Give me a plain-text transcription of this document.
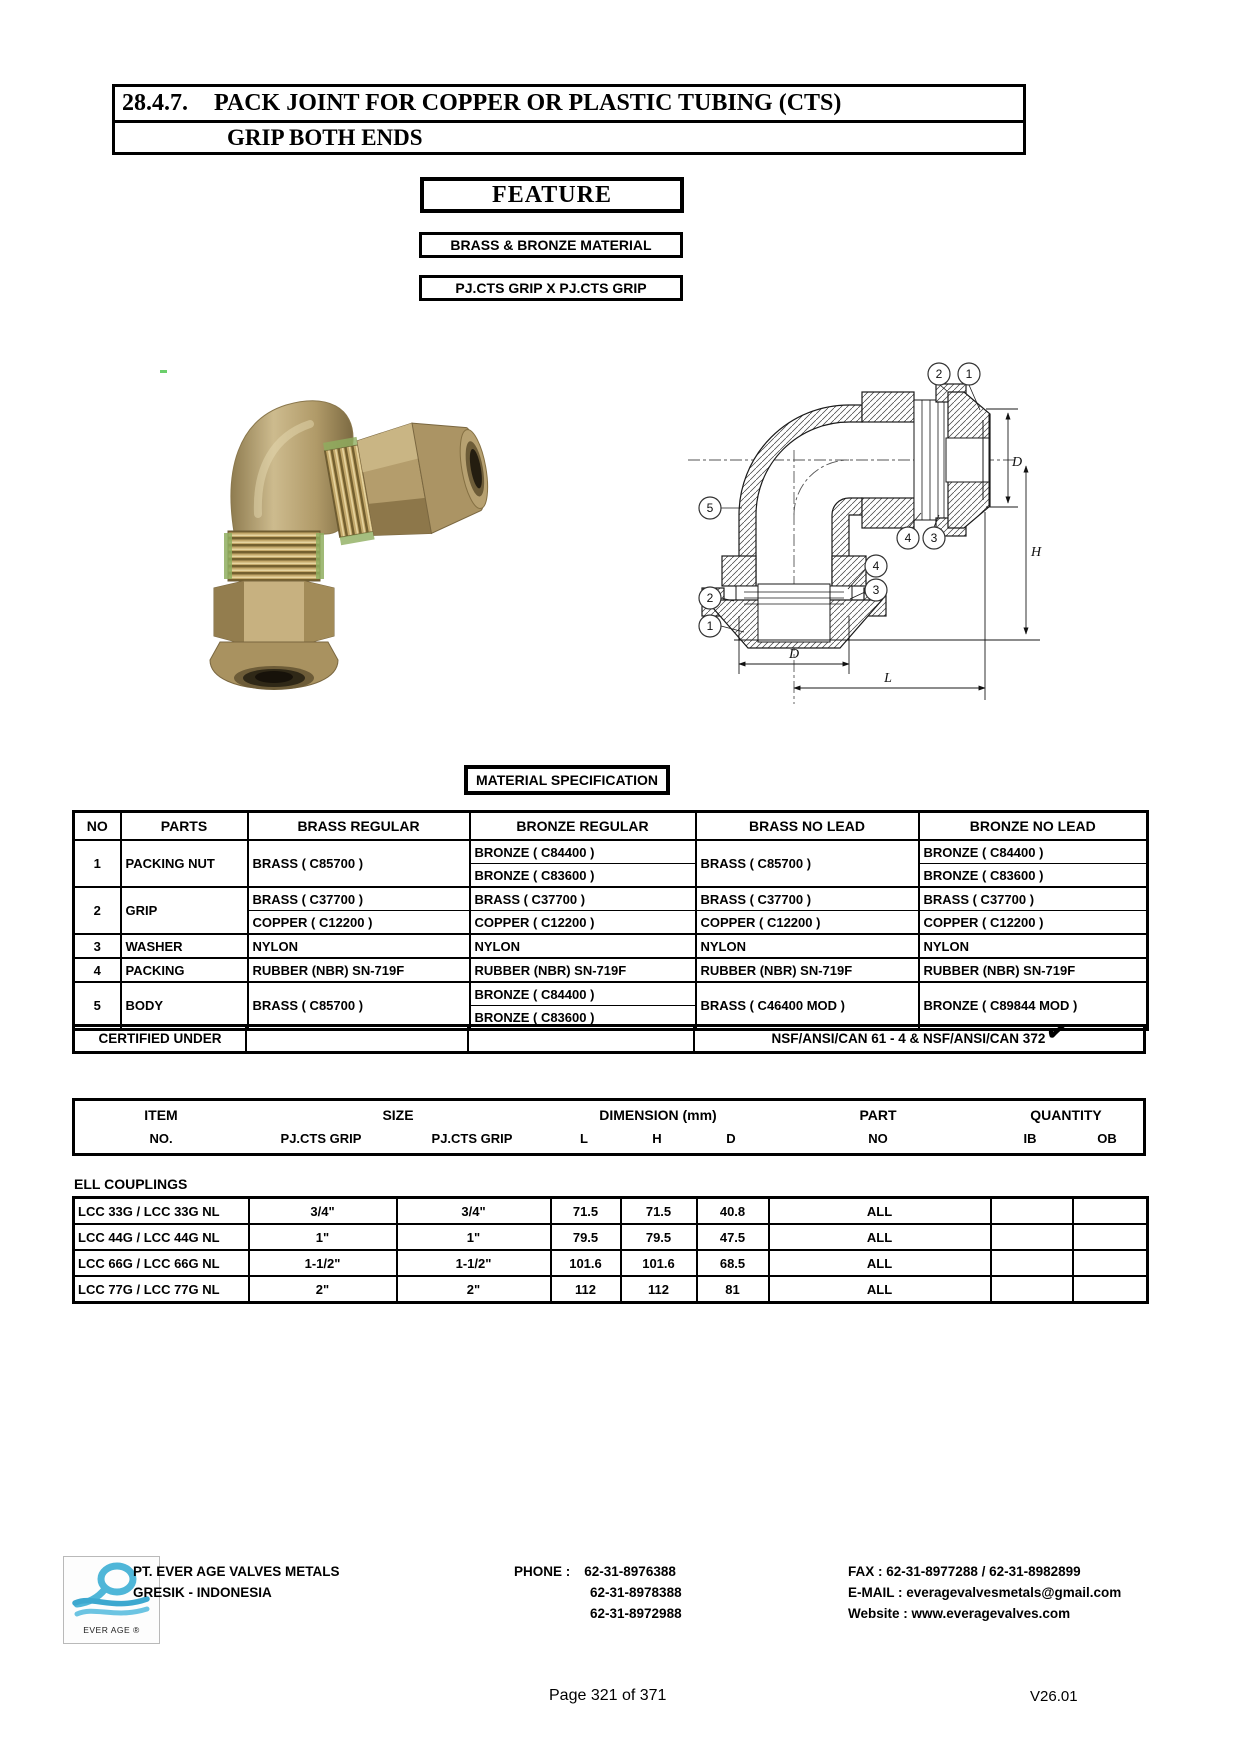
28.4.7. PACK JOINT FOR COPPER OR PLASTIC TUBING (CTS)
GRIP BOTH ENDS
FEATURE
BRASS & BRONZE MATERIAL
PJ.CTS GRIP X PJ.CTS GRIP
D
H
D
L
2 1
5
4 3
2
1
4
3
MATERIAL SPECIFICATION
NO	PARTS	BRASS REGULAR	BRONZE REGULAR	BRASS NO LEAD	BRONZE NO LEAD
1	PACKING NUT	BRASS ( C85700 )	BRONZE ( C84400 )	BRASS ( C85700 )	BRONZE ( C84400 )
			BRONZE ( C83600 )		BRONZE ( C83600 )
2	GRIP	BRASS ( C37700 )	BRASS ( C37700 )	BRASS ( C37700 )	BRASS ( C37700 )
		COPPER ( C12200 )	COPPER ( C12200 )	COPPER ( C12200 )	COPPER ( C12200 )
3	WASHER	NYLON	NYLON	NYLON	NYLON
4	PACKING	RUBBER (NBR) SN-719F	RUBBER (NBR) SN-719F	RUBBER (NBR) SN-719F	RUBBER (NBR) SN-719F
5	BODY	BRASS ( C85700 )	BRONZE ( C84400 )	BRASS ( C46400 MOD )	BRONZE ( C89844 MOD )
			BRONZE ( C83600 )		
CERTIFIED UNDER	NSF/ANSI/CAN 61 - 4 & NSF/ANSI/CAN 372✔
ITEM	SIZE	DIMENSION (mm)	PART	QUANTITY
NO.	PJ.CTS GRIP	PJ.CTS GRIP	L	H	D	NO	IB	OB
ELL COUPLINGS
LCC 33G / LCC 33G NL	3/4"	3/4"	71.5	71.5	40.8	ALL		
LCC 44G / LCC 44G NL	1"	1"	79.5	79.5	47.5	ALL		
LCC 66G / LCC 66G NL	1-1/2"	1-1/2"	101.6	101.6	68.5	ALL		
LCC 77G / LCC 77G NL	2"	2"	112	112	81	ALL		
EVER AGE ®
PT. EVER AGE VALVES METALS
GRESIK - INDONESIA
PHONE : 62-31-8976388
62-31-8978388
62-31-8972988
FAX : 62-31-8977288 / 62-31-8982899
E-MAIL : everagevalvesmetals@gmail.com
Website : www.everagevalves.com
Page 321 of 371	V26.01
